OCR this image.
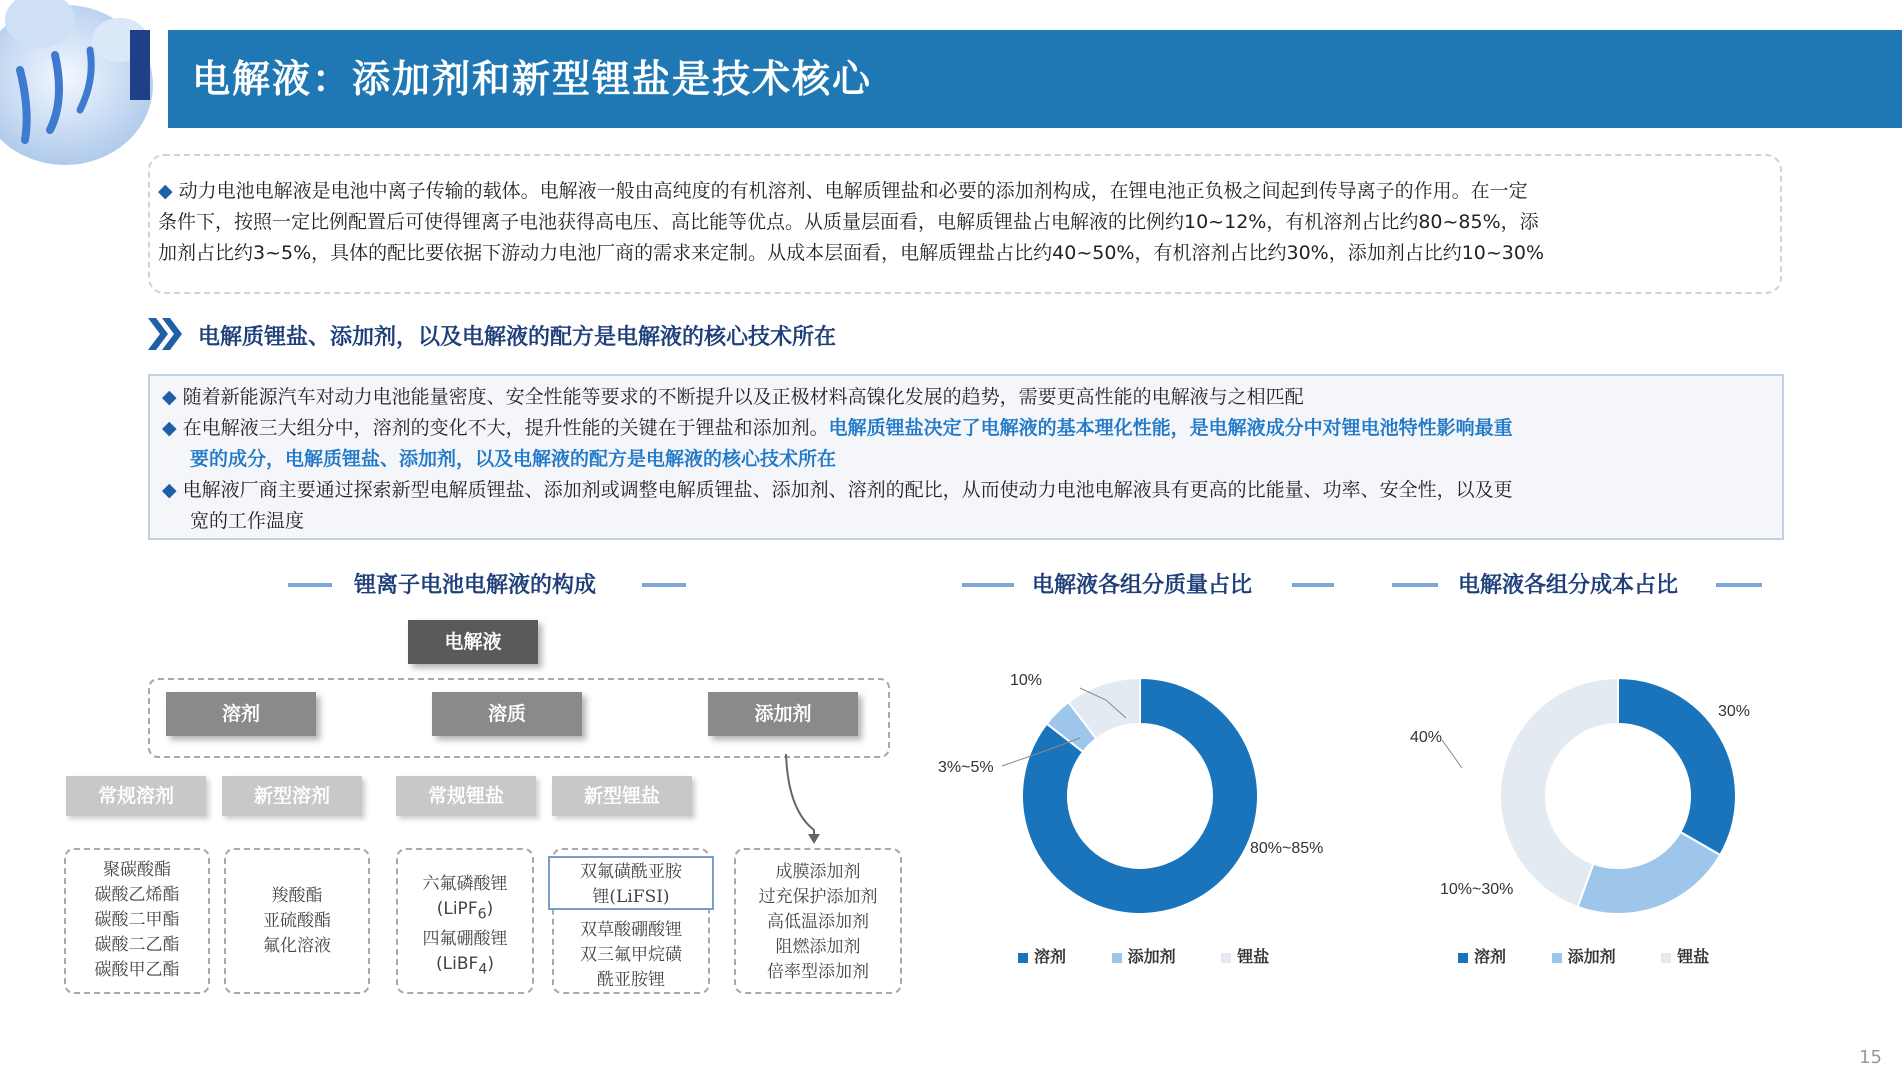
电解液：添加剂和新型锂盐是技术核心
◆ 动力电池电解液是电池中离子传输的载体。电解液一般由高纯度的有机溶剂、电解质锂盐和必要的添加剂构成，在锂电池正负极之间起到传导离子的作用。在一定
条件下，按照一定比例配置后可使得锂离子电池获得高电压、高比能等优点。从质量层面看，电解质锂盐占电解液的比例约10~12%，有机溶剂占比约80~85%，添
加剂占比约3~5%，具体的配比要依据下游动力电池厂商的需求来定制。从成本层面看，电解质锂盐占比约40~50%，有机溶剂占比约30%，添加剂占比约10~30%
电解质锂盐、添加剂，以及电解液的配方是电解液的核心技术所在
◆ 随着新能源汽车对动力电池能量密度、安全性能等要求的不断提升以及正极材料高镍化发展的趋势，需要更高性能的电解液与之相匹配
◆ 在电解液三大组分中，溶剂的变化不大，提升性能的关键在于锂盐和添加剂。电解质锂盐决定了电解液的基本理化性能，是电解液成分中对锂电池特性影响最重
要的成分，电解质锂盐、添加剂，以及电解液的配方是电解液的核心技术所在
◆ 电解液厂商主要通过探索新型电解质锂盐、添加剂或调整电解质锂盐、添加剂、溶剂的配比，从而使动力电池电解液具有更高的比能量、功率、安全性，以及更
宽的工作温度
锂离子电池电解液的构成
电解液
溶剂	溶质	添加剂
常规溶剂	新型溶剂	常规锂盐	新型锂盐
聚碳酸酯
碳酸乙烯酯
碳酸二甲酯
碳酸二乙酯
碳酸甲乙酯
羧酸酯
亚硫酸酯
氟化溶液
六氟磷酸锂
(LiPF$_6$)
四氟硼酸锂
(LiBF$_4$)
双草酸硼酸锂
双三氟甲烷磺
酰亚胺锂
双氟磺酰亚胺
锂(LiFSI)
成膜添加剂
过充保护添加剂
高低温添加剂
阻燃添加剂
倍率型添加剂
电解液各组分质量占比
80%~85%
3%~5%
10%
溶剂	添加剂	锂盐
电解液各组分成本占比
30%
10%~30%
40%
溶剂	添加剂	锂盐
15
